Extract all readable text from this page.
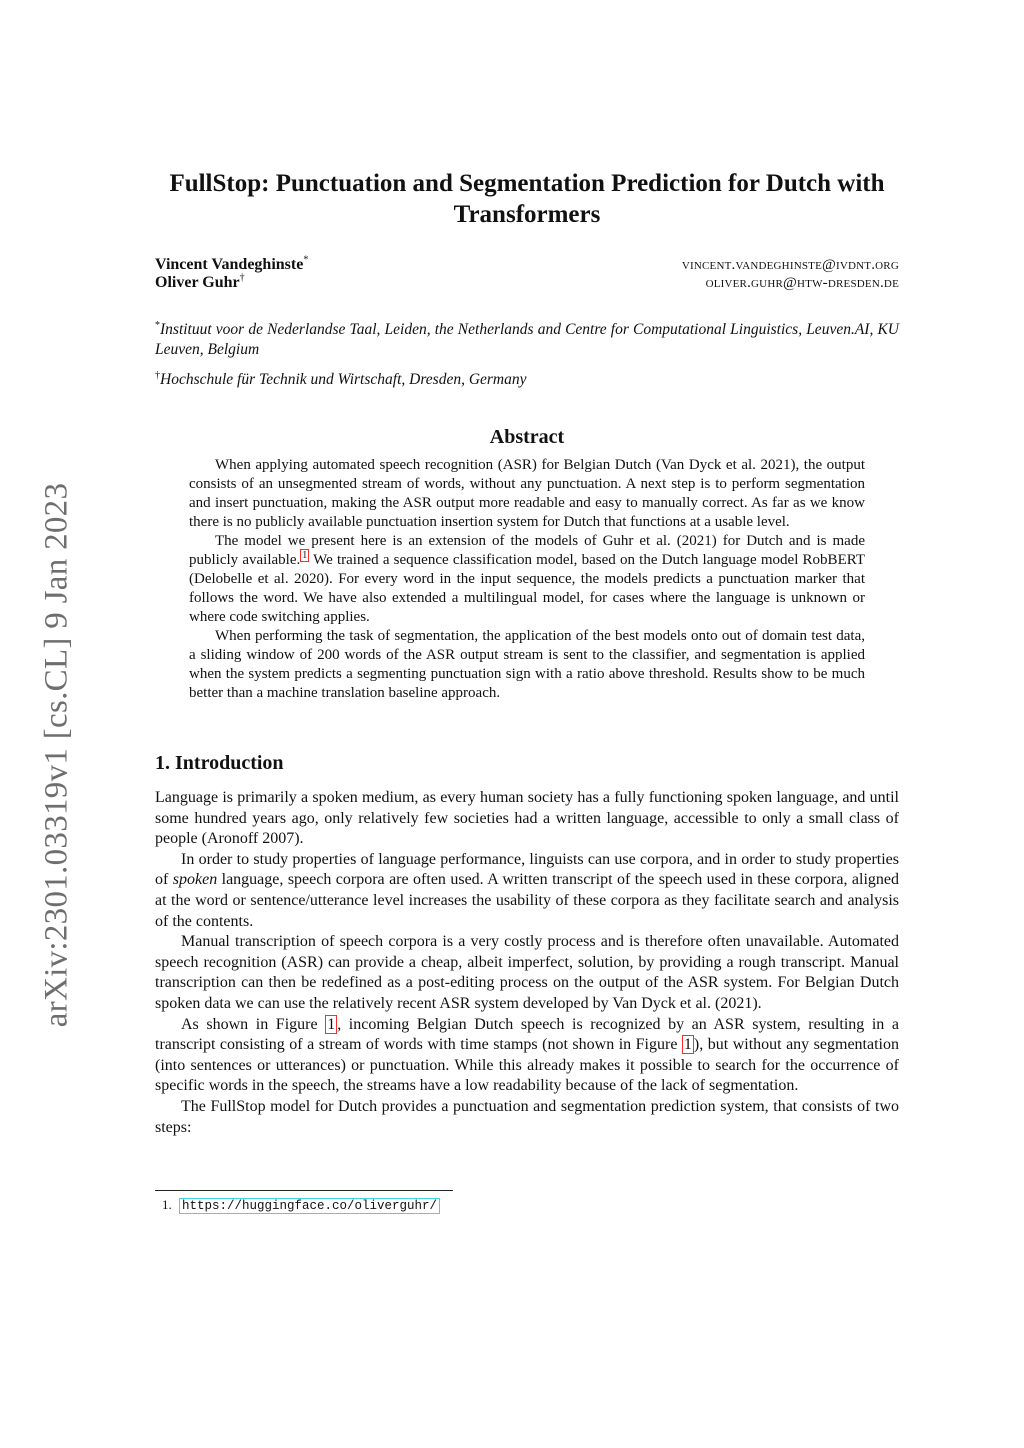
arXiv:2301.03319v1 [cs.CL] 9 Jan 2023
FullStop: Punctuation and Segmentation Prediction for Dutch with Transformers
Vincent Vandeghinste*	vincent.vandeghinste@ivdnt.org
Oliver Guhr†	oliver.guhr@htw-dresden.de
*Instituut voor de Nederlandse Taal, Leiden, the Netherlands and Centre for Computational Linguistics, Leuven.AI, KU Leuven, Belgium
†Hochschule für Technik und Wirtschaft, Dresden, Germany
Abstract

When applying automated speech recognition (ASR) for Belgian Dutch (Van Dyck et al. 2021), the output consists of an unsegmented stream of words, without any punctuation. A next step is to perform segmentation and insert punctuation, making the ASR output more readable and easy to manually correct. As far as we know there is no publicly available punctuation insertion system for Dutch that functions at a usable level.

The model we present here is an extension of the models of Guhr et al. (2021) for Dutch and is made publicly available. $^1$ We trained a sequence classification model, based on the Dutch language model RobBERT (Delobelle et al. 2020). For every word in the input sequence, the models predicts a punctuation marker that follows the word. We have also extended a multilingual model, for cases where the language is unknown or where code switching applies.

When performing the task of segmentation, the application of the best models onto out of domain test data, a sliding window of 200 words of the ASR output stream is sent to the classifier, and segmentation is applied when the system predicts a segmenting punctuation sign with a ratio above threshold. Results show to be much better than a machine translation baseline approach.

1. Introduction

Language is primarily a spoken medium, as every human society has a fully functioning spoken language, and until some hundred years ago, only relatively few societies had a written language, accessible to only a small class of people (Aronoff 2007).

In order to study properties of language performance, linguists can use corpora, and in order to study properties of spoken language, speech corpora are often used. A written transcript of the speech used in these corpora, aligned at the word or sentence/utterance level increases the usability of these corpora as they facilitate search and analysis of the contents.

Manual transcription of speech corpora is a very costly process and is therefore often unavailable. Automated speech recognition (ASR) can provide a cheap, albeit imperfect, solution, by providing a rough transcript. Manual transcription can then be redefined as a post-editing process on the output of the ASR system. For Belgian Dutch spoken data we can use the relatively recent ASR system developed by Van Dyck et al. (2021).

As shown in Figure 1 , incoming Belgian Dutch speech is recognized by an ASR system, resulting in a transcript consisting of a stream of words with time stamps (not shown in Figure 1 ), but without any segmentation (into sentences or utterances) or punctuation. While this already makes it possible to search for the occurrence of specific words in the speech, the streams have a low readability because of the lack of segmentation.

The FullStop model for Dutch provides a punctuation and segmentation prediction system, that consists of two steps:

1. https://huggingface.co/oliverguhr/
